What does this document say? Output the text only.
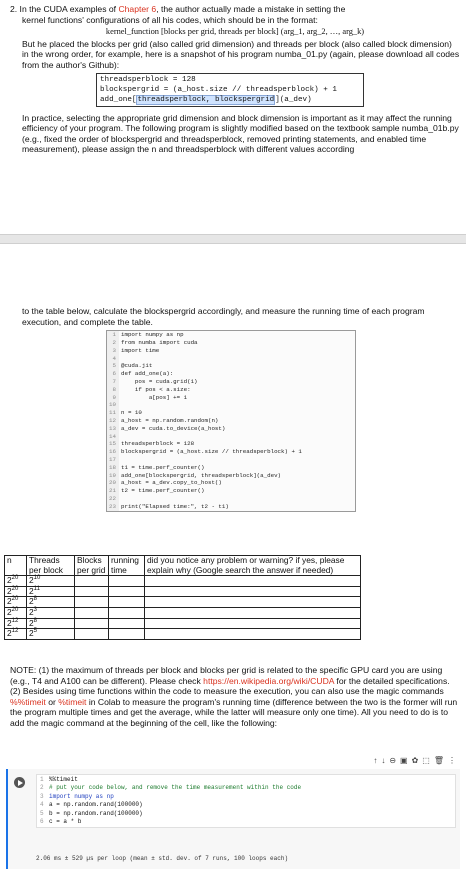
2. In the CUDA examples of Chapter 6, the author actually made a mistake in setting the
kernel functions' configurations of all his codes, which should be in the format:
kernel_function [blocks per grid, threads per block] (arg_1, arg_2, …, arg_k)
But he placed the blocks per grid (also called grid dimension) and threads per block (also called block dimension) in the wrong order, for example, here is a snapshot of his program numba_01.py (again, please download all codes from the author's Github):
threadsperblock = 128
blockspergrid = (a_host.size // threadsperblock) + 1
add_one[threadsperblock, blockspergrid](a_dev)
In practice, selecting the appropriate grid dimension and block dimension is important as it may affect the running efficiency of your program. The following program is slightly modified based on the textbook sample numba_01b.py (e.g., fixed the order of blockspergrid and threadsperblock, removed printing statements, and enabled time measurement), please assign the n and threadsperblock with different values according
to the table below, calculate the blockspergrid accordingly, and measure the running time of each program execution, and complete the table.
1 import numpy as np
2 from numba import cuda
3 import time
4
5 @cuda.jit
6 def add_one(a):
7 pos = cuda.grid(1)
8 if pos < a.size:
9 a[pos] += 1
10
11 n = 10
12 a_host = np.random.random(n)
13 a_dev = cuda.to_device(a_host)
14
15 threadsperblock = 128
16 blockspergrid = (a_host.size // threadsperblock) + 1
17
18 t1 = time.perf_counter()
19 add_one[blockspergrid, threadsperblock](a_dev)
20 a_host = a_dev.copy_to_host()
21 t2 = time.perf_counter()
22
23 print("Elapsed time:", t2 - t1)
n	Threads per block	Blocks per grid	running time	did you notice any problem or warning? if yes, please explain why (Google search the answer if needed)
$2^{20}$	$2^{10}$			
$2^{20}$	$2^{11}$			
$2^{20}$	$2^8$			
$2^{20}$	$2^3$			
$2^{12}$	$2^8$			
$2^{12}$	$2^5$			
NOTE: (1) the maximum of threads per block and blocks per grid is related to the specific GPU card you are using (e.g., T4 and A100 can be different). Please check https://en.wikipedia.org/wiki/CUDA for the detailed specifications. (2) Besides using time functions within the code to measure the execution, you can also use the magic commands %%timeit or %timeit in Colab to measure the program's running time (difference between the two is the former will run the program multiple times and get the average, while the latter will measure only one time). All you need to do is to add the magic command at the beginning of the cell, like the following:
↑ ↓ ⊖ ▣ ✿ ⬚ 🗑 ⋮
1 %%timeit
2 # put your code below, and remove the time measurement within the code
3 import numpy as np
4 a = np.random.rand(100000)
5 b = np.random.rand(100000)
6 c = a * b
2.06 ms ± 529 µs per loop (mean ± std. dev. of 7 runs, 100 loops each)
